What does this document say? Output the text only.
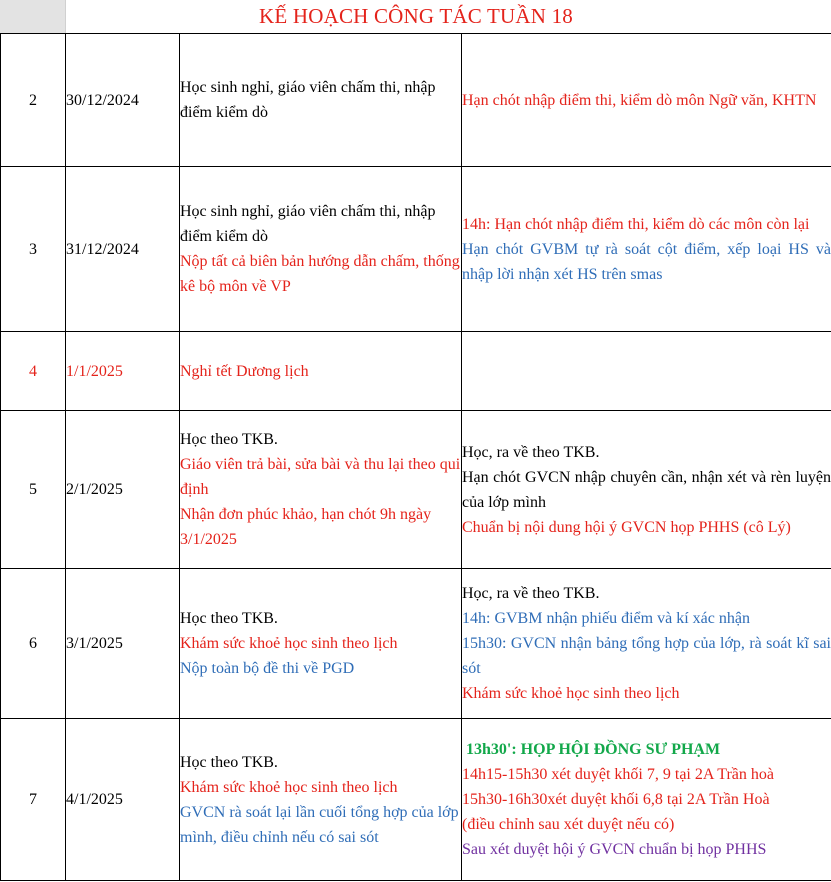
KẾ HOẠCH CÔNG TÁC TUẦN 18
2	30/12/2024	Học sinh nghỉ, giáo viên chấm thi, nhập điểm kiểm dò	Hạn chót nhập điểm thi, kiểm dò môn Ngữ văn, KHTN

3	31/12/2024	Học sinh nghỉ, giáo viên chấm thi, nhập điểm kiểm dò
Nộp tất cả biên bản hướng dẫn chấm, thống kê bộ môn về VP	14h: Hạn chót nhập điểm thi, kiểm dò các môn còn lại
Hạn chót GVBM tự rà soát cột điểm, xếp loại HS và nhập lời nhận xét HS trên smas

4	1/1/2025	Nghỉ tết Dương lịch	

5	2/1/2025	Học theo TKB.
Giáo viên trả bài, sửa bài và thu lại theo qui định
Nhận đơn phúc khảo, hạn chót 9h ngày 3/1/2025	Học, ra về theo TKB.
Hạn chót GVCN nhập chuyên cần, nhận xét và rèn luyện của lớp mình
Chuẩn bị nội dung hội ý GVCN họp PHHS (cô Lý)

6	3/1/2025	Học theo TKB.
Khám sức khoẻ học sinh theo lịch
Nộp toàn bộ đề thi về PGD	Học, ra về theo TKB.
14h: GVBM nhận phiếu điểm và kí xác nhận
15h30: GVCN nhận bảng tổng hợp của lớp, rà soát kĩ sai sót
Khám sức khoẻ học sinh theo lịch

7	4/1/2025	Học theo TKB.
Khám sức khoẻ học sinh theo lịch
GVCN rà soát lại lần cuối tổng hợp của lớp mình, điều chỉnh nếu có sai sót	13h30': HỌP HỘI ĐỒNG SƯ PHẠM
14h15-15h30 xét duyệt khối 7, 9 tại 2A Trần hoà
15h30-16h30xét duyệt khối 6,8 tại 2A Trần Hoà
(điều chỉnh sau xét duyệt nếu có)
Sau xét duyệt hội ý GVCN chuẩn bị họp PHHS
